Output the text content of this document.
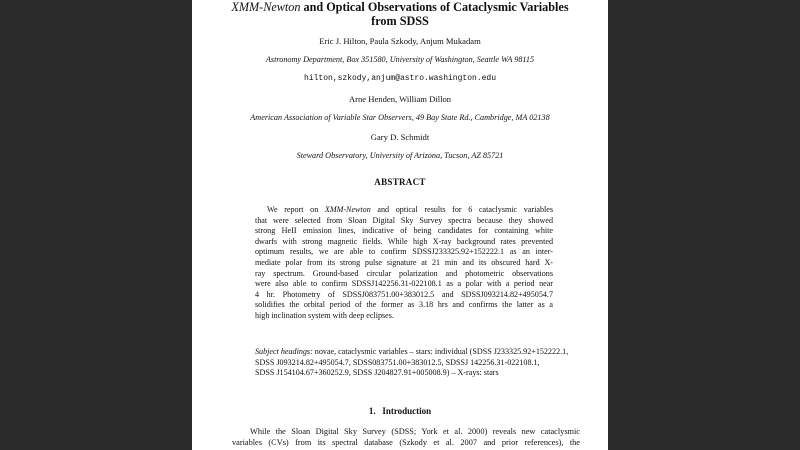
XMM-Newton and Optical Observations of Cataclysmic Variables
from SDSS
Eric J. Hilton, Paula Szkody, Anjum Mukadam
Astronomy Department, Box 351580, University of Washington, Seattle WA 98115
hilton,szkody,anjum@astro.washington.edu
Arne Henden, William Dillon
American Association of Variable Star Observers, 49 Bay State Rd., Cambridge, MA 02138
Gary D. Schmidt
Steward Observatory, University of Arizona, Tucson, AZ 85721
ABSTRACT
We report on XMM-Newton and optical results for 6 cataclysmic variables
that were selected from Sloan Digital Sky Survey spectra because they showed
strong HeII emission lines, indicative of being candidates for containing white
dwarfs with strong magnetic fields. While high X-ray background rates prevented
optimum results, we are able to confirm SDSSJ233325.92+152222.1 as an inter-
mediate polar from its strong pulse signature at 21 min and its obscured hard X-
ray spectrum. Ground-based circular polarization and photometric observations
were also able to confirm SDSSJ142256.31-022108.1 as a polar with a period near
4 hr. Photometry of SDSSJ083751.00+383012.5 and SDSSJ093214.82+495054.7
solidifies the orbital period of the former as 3.18 hrs and confirms the latter as a
high inclination system with deep eclipses.
Subject headings: novae, cataclysmic variables – stars: individual (SDSS J233325.92+152222.1,
SDSS J093214.82+495054.7, SDSS083751.00+383012.5, SDSSJ 142256.31-022108.1,
SDSS J154104.67+360252.9, SDSS J204827.91+005008.9) – X-rays: stars
1. Introduction
While the Sloan Digital Sky Survey (SDSS; York et al. 2000) reveals new cataclysmic
variables (CVs) from its spectral database (Szkody et al. 2007 and prior references), the
